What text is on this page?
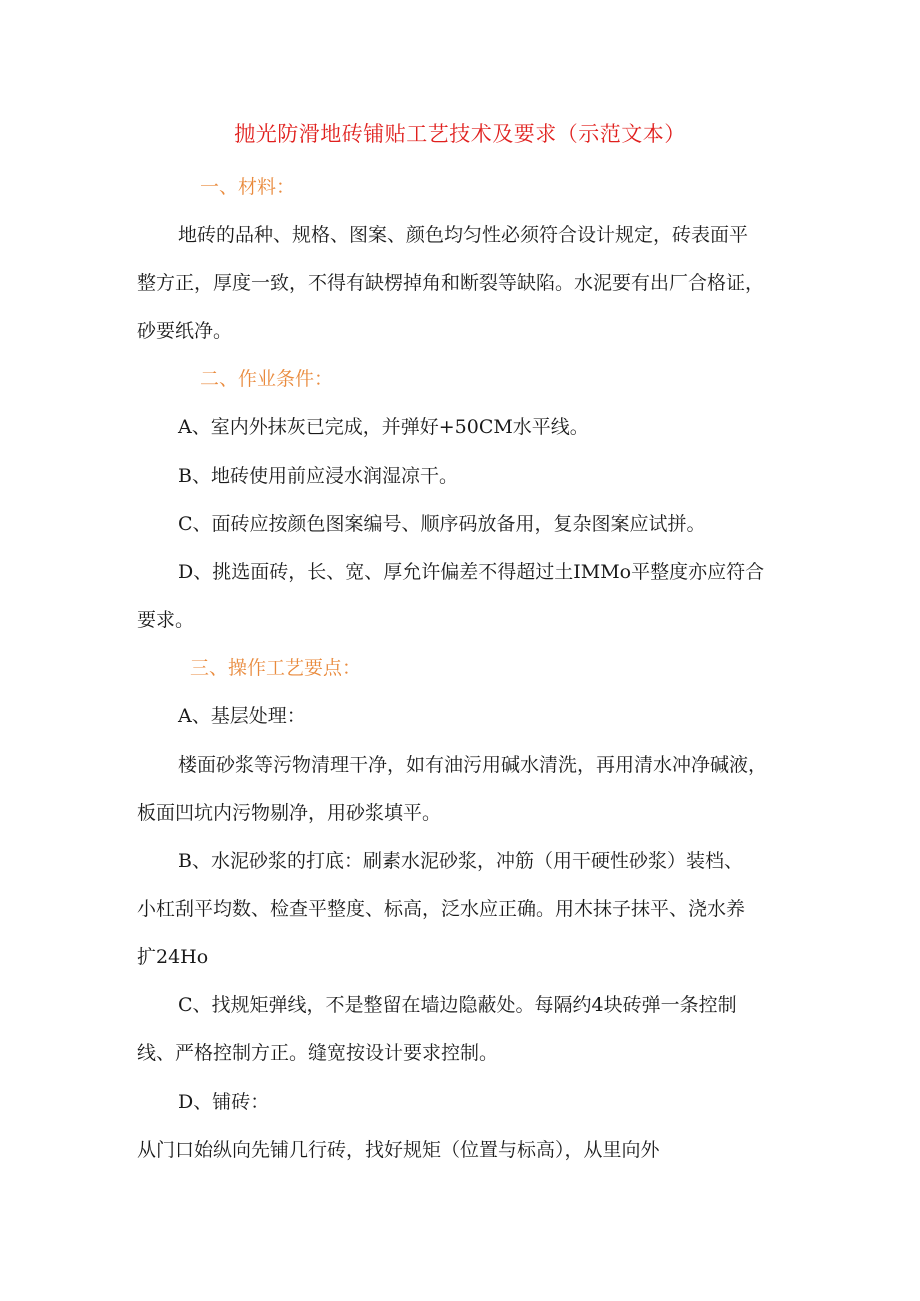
抛光防滑地砖铺贴工艺技术及要求（示范文本）
一、材料：
地砖的品种、规格、图案、颜色均匀性必须符合设计规定，砖表面平
整方正，厚度一致，不得有缺楞掉角和断裂等缺陷。水泥要有出厂合格证，
砂要纸净。
二、作业条件：
A、室内外抹灰已完成，并弹好+50CM水平线。
B、地砖使用前应浸水润湿凉干。
C、面砖应按颜色图案编号、顺序码放备用，复杂图案应试拼。
D、挑选面砖，长、宽、厚允许偏差不得超过土IMMo平整度亦应符合
要求。
三、操作工艺要点：
A、基层处理：
楼面砂浆等污物清理干净，如有油污用碱水清洗，再用清水冲净碱液，
板面凹坑内污物剔净，用砂浆填平。
B、水泥砂浆的打底：刷素水泥砂浆，冲筋（用干硬性砂浆）装档、
小杠刮平均数、检查平整度、标高，泛水应正确。用木抹子抹平、浇水养
扩24Ho
C、找规矩弹线，不是整留在墙边隐蔽处。每隔约4块砖弹一条控制
线、严格控制方正。缝宽按设计要求控制。
D、铺砖：
从门口始纵向先铺几行砖，找好规矩（位置与标高），从里向外
